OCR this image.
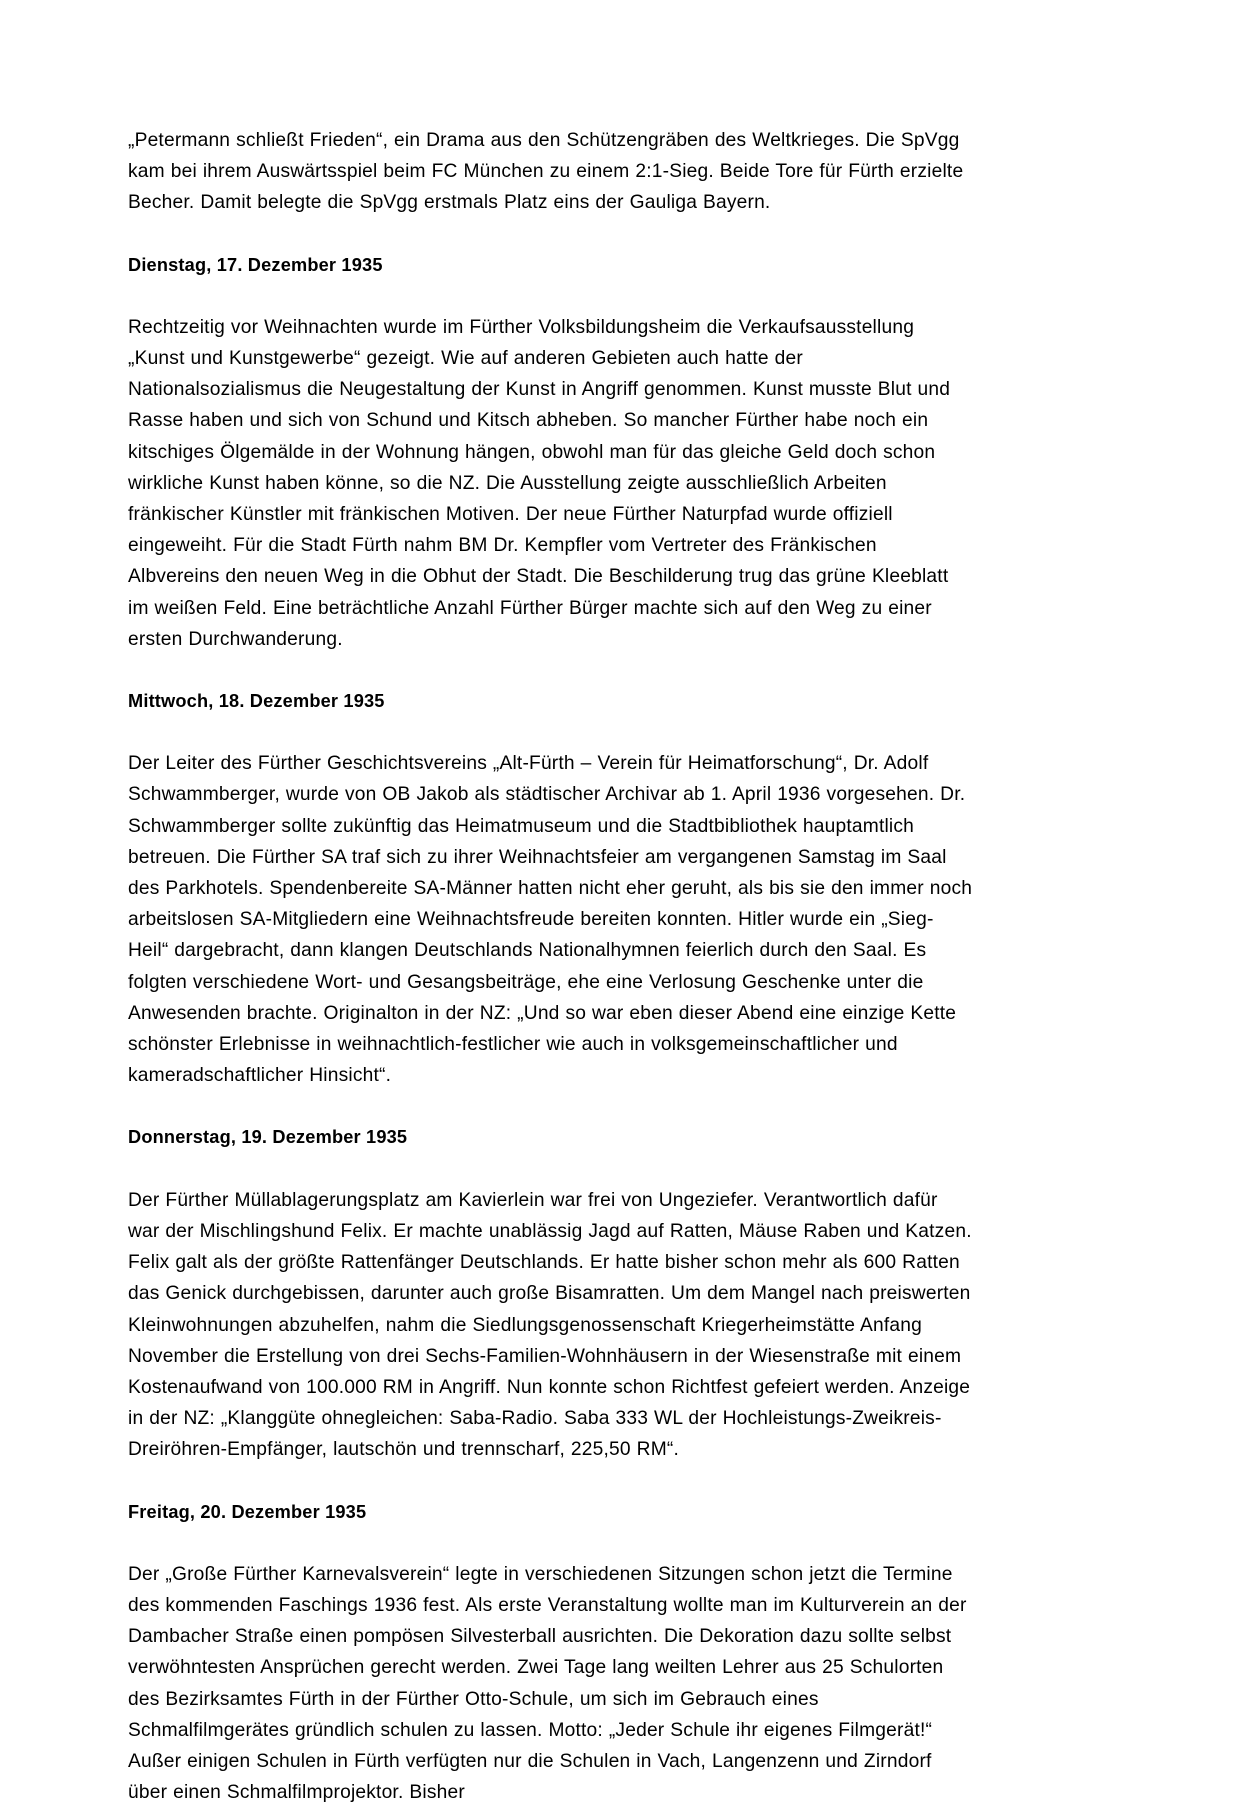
„Petermann schließt Frieden“, ein Drama aus den Schützengräben des Weltkrieges. Die SpVgg kam bei ihrem Auswärtsspiel beim FC München zu einem 2:1-Sieg. Beide Tore für Fürth erzielte Becher. Damit belegte die SpVgg erstmals Platz eins der Gauliga Bayern.

Dienstag, 17. Dezember 1935

Rechtzeitig vor Weihnachten wurde im Fürther Volksbildungsheim die Verkaufsausstellung „Kunst und Kunstgewerbe“ gezeigt. Wie auf anderen Gebieten auch hatte der Nationalsozialismus die Neugestaltung der Kunst in Angriff genommen. Kunst musste Blut und Rasse haben und sich von Schund und Kitsch abheben. So mancher Fürther habe noch ein kitschiges Ölgemälde in der Wohnung hängen, obwohl man für das gleiche Geld doch schon wirkliche Kunst haben könne, so die NZ. Die Ausstellung zeigte ausschließlich Arbeiten fränkischer Künstler mit fränkischen Motiven. Der neue Fürther Naturpfad wurde offiziell eingeweiht. Für die Stadt Fürth nahm BM Dr. Kempfler vom Vertreter des Fränkischen Albvereins den neuen Weg in die Obhut der Stadt. Die Beschilderung trug das grüne Kleeblatt im weißen Feld. Eine beträchtliche Anzahl Fürther Bürger machte sich auf den Weg zu einer ersten Durchwanderung.

Mittwoch, 18. Dezember 1935

Der Leiter des Fürther Geschichtsvereins „Alt-Fürth – Verein für Heimatforschung“, Dr. Adolf Schwammberger, wurde von OB Jakob als städtischer Archivar ab 1. April 1936 vorgesehen. Dr. Schwammberger sollte zukünftig das Heimatmuseum und die Stadtbibliothek hauptamtlich betreuen. Die Fürther SA traf sich zu ihrer Weihnachtsfeier am vergangenen Samstag im Saal des Parkhotels. Spendenbereite SA-Männer hatten nicht eher geruht, als bis sie den immer noch arbeitslosen SA-Mitgliedern eine Weihnachtsfreude bereiten konnten. Hitler wurde ein „Sieg-Heil“ dargebracht, dann klangen Deutschlands Nationalhymnen feierlich durch den Saal. Es folgten verschiedene Wort- und Gesangsbeiträge, ehe eine Verlosung Geschenke unter die Anwesenden brachte. Originalton in der NZ: „Und so war eben dieser Abend eine einzige Kette schönster Erlebnisse in weihnachtlich-festlicher wie auch in volksgemeinschaftlicher und kameradschaftlicher Hinsicht“.

Donnerstag, 19. Dezember 1935

Der Fürther Müllablagerungsplatz am Kavierlein war frei von Ungeziefer. Verantwortlich dafür war der Mischlingshund Felix. Er machte unablässig Jagd auf Ratten, Mäuse Raben und Katzen. Felix galt als der größte Rattenfänger Deutschlands. Er hatte bisher schon mehr als 600 Ratten das Genick durchgebissen, darunter auch große Bisamratten. Um dem Mangel nach preiswerten Kleinwohnungen abzuhelfen, nahm die Siedlungsgenossenschaft Kriegerheimstätte Anfang November die Erstellung von drei Sechs-Familien-Wohnhäusern in der Wiesenstraße mit einem Kostenaufwand von 100.000 RM in Angriff. Nun konnte schon Richtfest gefeiert werden. Anzeige in der NZ: „Klanggüte ohnegleichen: Saba-Radio. Saba 333 WL der Hochleistungs-Zweikreis-Dreiröhren-Empfänger, lautschön und trennscharf, 225,50 RM“.

Freitag, 20. Dezember 1935

Der „Große Fürther Karnevalsverein“ legte in verschiedenen Sitzungen schon jetzt die Termine des kommenden Faschings 1936 fest. Als erste Veranstaltung wollte man im Kulturverein an der Dambacher Straße einen pompösen Silvesterball ausrichten. Die Dekoration dazu sollte selbst verwöhntesten Ansprüchen gerecht werden. Zwei Tage lang weilten Lehrer aus 25 Schulorten des Bezirksamtes Fürth in der Fürther Otto-Schule, um sich im Gebrauch eines Schmalfilmgerätes gründlich schulen zu lassen. Motto: „Jeder Schule ihr eigenes Filmgerät!“ Außer einigen Schulen in Fürth verfügten nur die Schulen in Vach, Langenzenn und Zirndorf über einen Schmalfilmprojektor. Bisher
